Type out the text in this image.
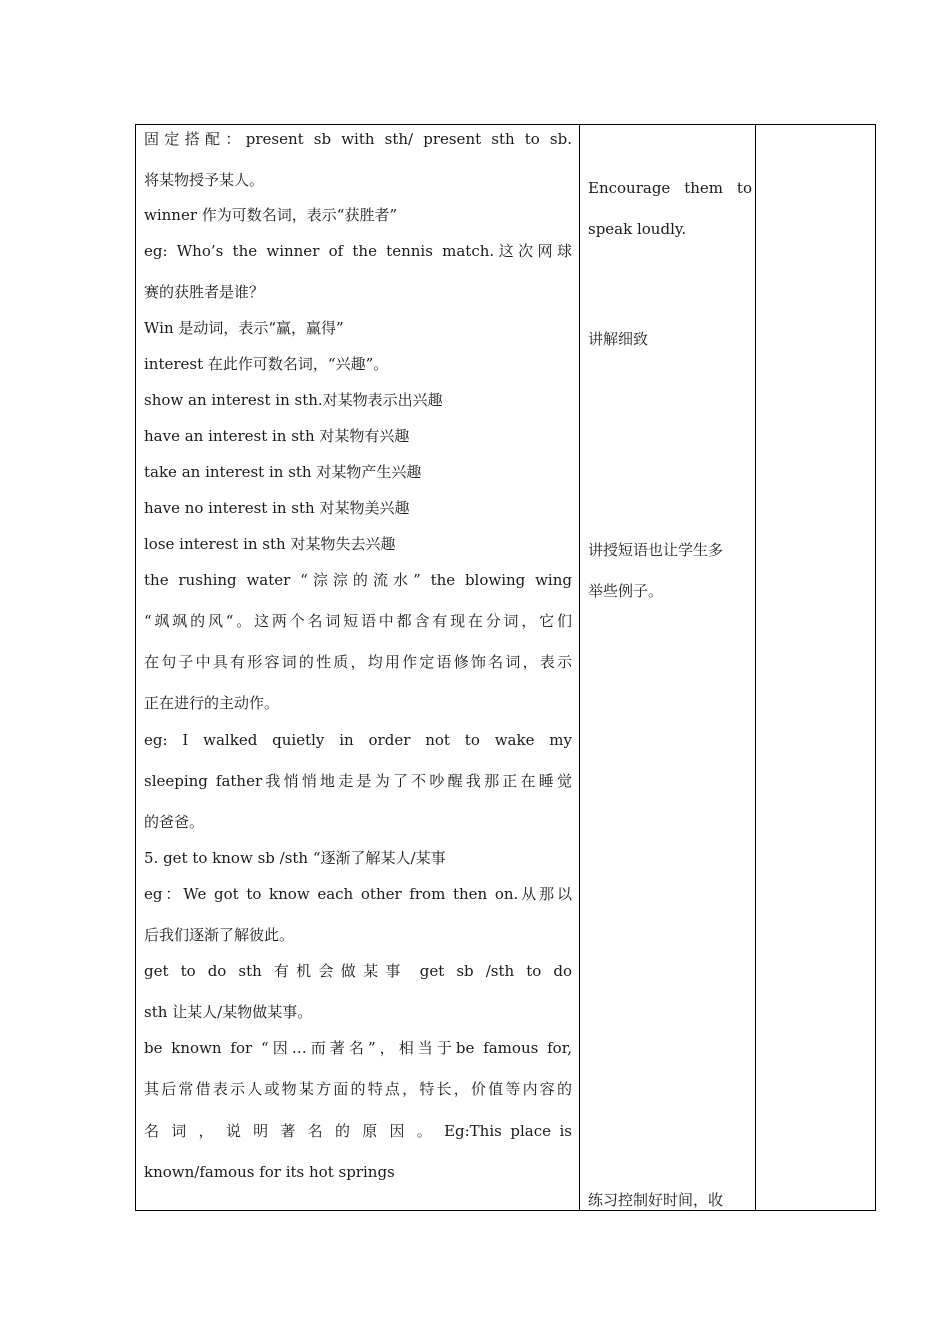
固定搭配：present sb with sth/ present sth to sb.
将某物授予某人。
winner 作为可数名词，表示“获胜者”
eg: Who’s the winner of the tennis match.这次网球
赛的获胜者是谁？
Win 是动词，表示“赢，赢得”
interest 在此作可数名词，“兴趣”。
show an interest in sth.对某物表示出兴趣
have an interest in sth 对某物有兴趣
take an interest in sth 对某物产生兴趣
have no interest in sth 对某物美兴趣
lose interest in sth 对某物失去兴趣
the rushing water “淙淙的流水” the blowing wing
“飒飒的风“。这两个名词短语中都含有现在分词，它们
在句子中具有形容词的性质，均用作定语修饰名词，表示
正在进行的主动作。
eg: I walked quietly in order not to wake my
sleeping father我悄悄地走是为了不吵醒我那正在睡觉
的爸爸。
5. get to know sb /sth “逐渐了解某人/某事
eg：We got to know each other from then on.从那以
后我们逐渐了解彼此。
get to do sth 有机会做某事 get sb /sth to do
sth 让某人/某物做某事。
be known for “因…而著名”，相当于be famous for,
其后常借表示人或物某方面的特点，特长，价值等内容的
名 词 ， 说 明 著 名 的 原 因 。 Eg:This place is
known/famous for its hot springs
Encourage them to
speak loudly.
讲解细致
讲授短语也让学生多
举些例子。
练习控制好时间，收
